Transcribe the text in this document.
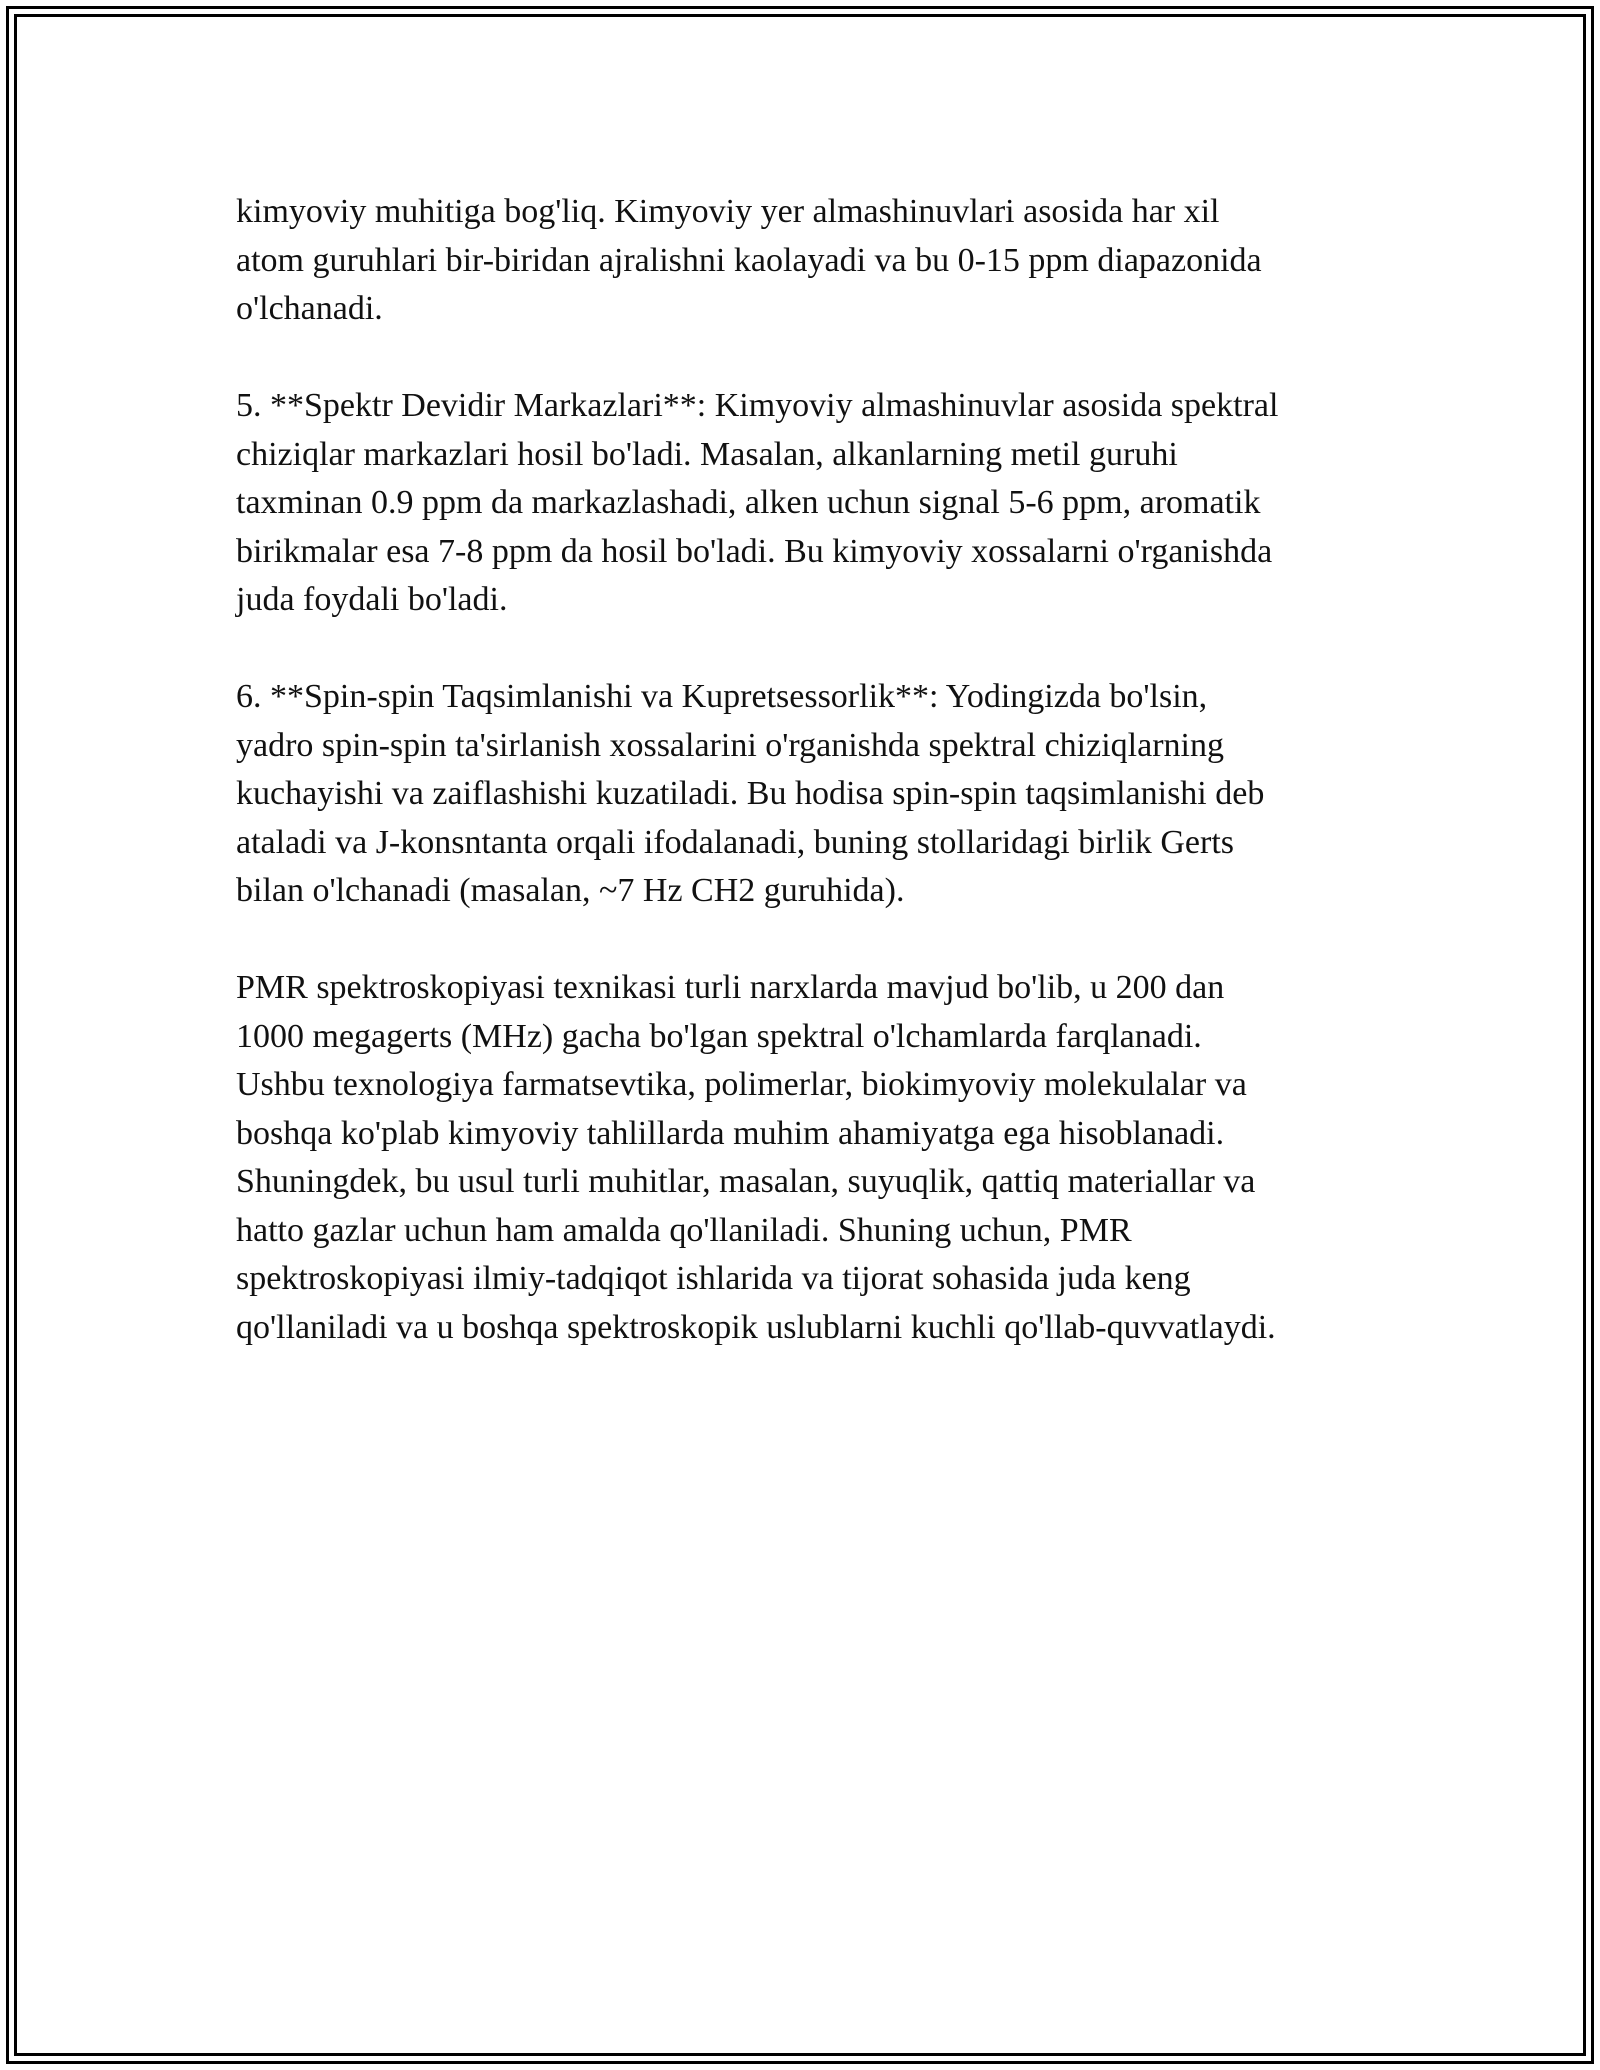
kimyoviy muhitiga bog'liq. Kimyoviy yer almashinuvlari asosida har xil
atom guruhlari bir-biridan ajralishni kaolayadi va bu 0-15 ppm diapazonida
o'lchanadi.

5. **Spektr Devidir Markazlari**: Kimyoviy almashinuvlar asosida spektral
chiziqlar markazlari hosil bo'ladi. Masalan, alkanlarning metil guruhi
taxminan 0.9 ppm da markazlashadi, alken uchun signal 5-6 ppm, aromatik
birikmalar esa 7-8 ppm da hosil bo'ladi. Bu kimyoviy xossalarni o'rganishda
juda foydali bo'ladi.

6. **Spin-spin Taqsimlanishi va Kupretsessorlik**: Yodingizda bo'lsin,
yadro spin-spin ta'sirlanish xossalarini o'rganishda spektral chiziqlarning
kuchayishi va zaiflashishi kuzatiladi. Bu hodisa spin-spin taqsimlanishi deb
ataladi va J-konsntanta orqali ifodalanadi, buning stollaridagi birlik Gerts
bilan o'lchanadi (masalan, ~7 Hz CH2 guruhida).

PMR spektroskopiyasi texnikasi turli narxlarda mavjud bo'lib, u 200 dan
1000 megagerts (MHz) gacha bo'lgan spektral o'lchamlarda farqlanadi.
Ushbu texnologiya farmatsevtika, polimerlar, biokimyoviy molekulalar va
boshqa ko'plab kimyoviy tahlillarda muhim ahamiyatga ega hisoblanadi.
Shuningdek, bu usul turli muhitlar, masalan, suyuqlik, qattiq materiallar va
hatto gazlar uchun ham amalda qo'llaniladi. Shuning uchun, PMR
spektroskopiyasi ilmiy-tadqiqot ishlarida va tijorat sohasida juda keng
qo'llaniladi va u boshqa spektroskopik uslublarni kuchli qo'llab-quvvatlaydi.
